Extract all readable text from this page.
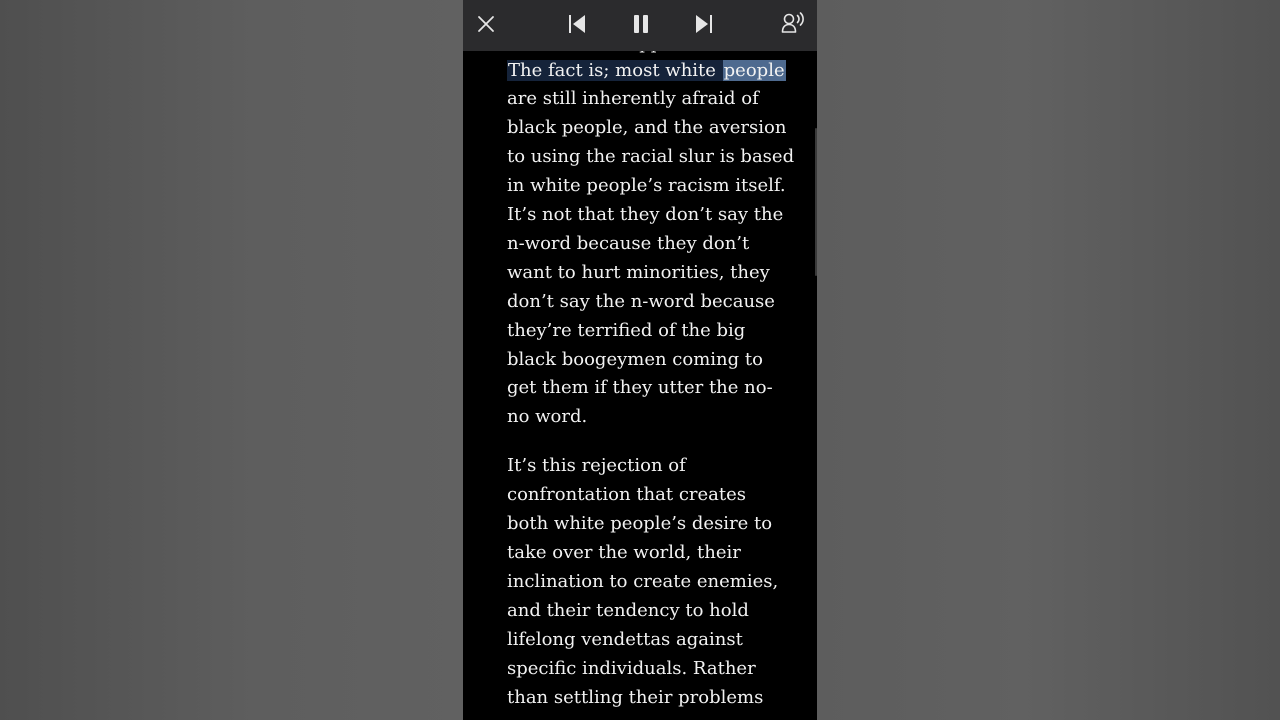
The fact is; most white people
are still inherently afraid of
black people, and the aversion
to using the racial slur is based
in white people’s racism itself.
It’s not that they don’t say the
n-word because they don’t
want to hurt minorities, they
don’t say the n-word because
they’re terrified of the big
black boogeymen coming to
get them if they utter the no-
no word.
It’s this rejection of
confrontation that creates
both white people’s desire to
take over the world, their
inclination to create enemies,
and their tendency to hold
lifelong vendettas against
specific individuals. Rather
than settling their problems
